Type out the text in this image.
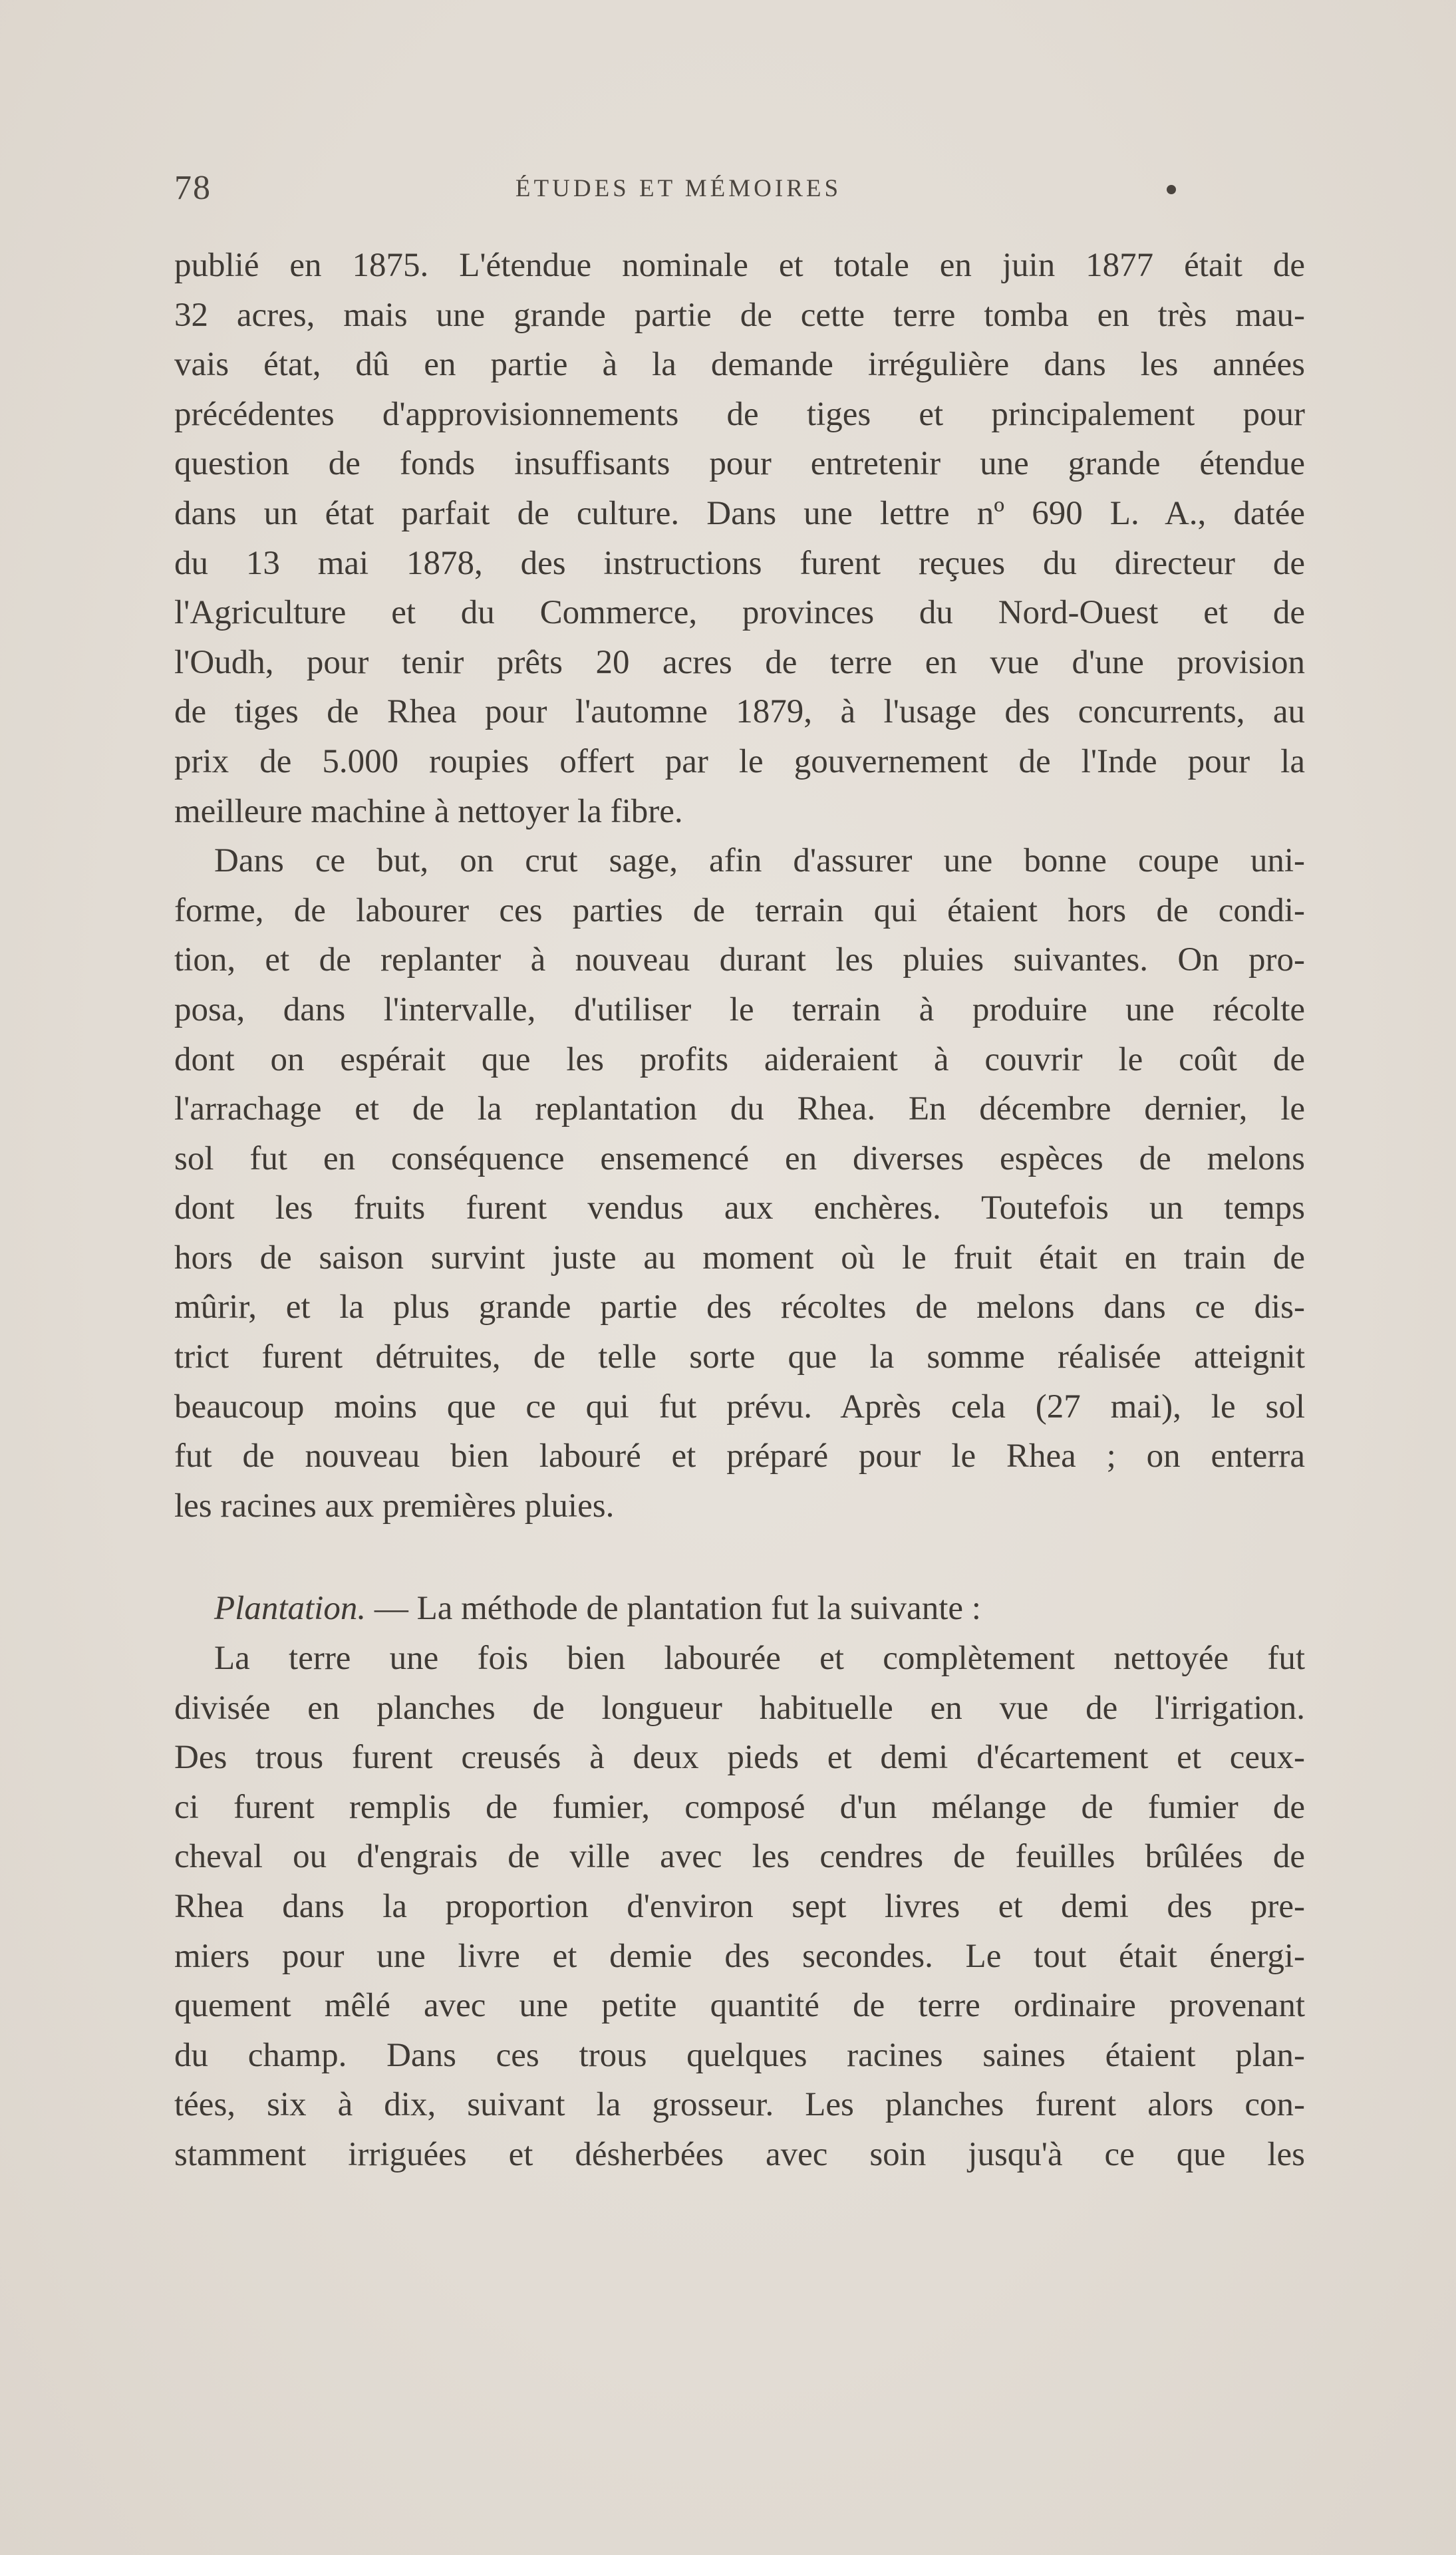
78	ÉTUDES ET MÉMOIRES
publié en 1875. L'étendue nominale et totale en juin 1877 était de
32 acres, mais une grande partie de cette terre tomba en très mau-
vais état, dû en partie à la demande irrégulière dans les années
précédentes d'approvisionnements de tiges et principalement pour
question de fonds insuffisants pour entretenir une grande étendue
dans un état parfait de culture. Dans une lettre nº 690 L. A., datée
du 13 mai 1878, des instructions furent reçues du directeur de
l'Agriculture et du Commerce, provinces du Nord-Ouest et de
l'Oudh, pour tenir prêts 20 acres de terre en vue d'une provision
de tiges de Rhea pour l'automne 1879, à l'usage des concurrents, au
prix de 5.000 roupies offert par le gouvernement de l'Inde pour la
meilleure machine à nettoyer la fibre.
Dans ce but, on crut sage, afin d'assurer une bonne coupe uni-
forme, de labourer ces parties de terrain qui étaient hors de condi-
tion, et de replanter à nouveau durant les pluies suivantes. On pro-
posa, dans l'intervalle, d'utiliser le terrain à produire une récolte
dont on espérait que les profits aideraient à couvrir le coût de
l'arrachage et de la replantation du Rhea. En décembre dernier, le
sol fut en conséquence ensemencé en diverses espèces de melons
dont les fruits furent vendus aux enchères. Toutefois un temps
hors de saison survint juste au moment où le fruit était en train de
mûrir, et la plus grande partie des récoltes de melons dans ce dis-
trict furent détruites, de telle sorte que la somme réalisée atteignit
beaucoup moins que ce qui fut prévu. Après cela (27 mai), le sol
fut de nouveau bien labouré et préparé pour le Rhea ; on enterra
les racines aux premières pluies.
Plantation. — La méthode de plantation fut la suivante :
La terre une fois bien labourée et complètement nettoyée fut
divisée en planches de longueur habituelle en vue de l'irrigation.
Des trous furent creusés à deux pieds et demi d'écartement et ceux-
ci furent remplis de fumier, composé d'un mélange de fumier de
cheval ou d'engrais de ville avec les cendres de feuilles brûlées de
Rhea dans la proportion d'environ sept livres et demi des pre-
miers pour une livre et demie des secondes. Le tout était énergi-
quement mêlé avec une petite quantité de terre ordinaire provenant
du champ. Dans ces trous quelques racines saines étaient plan-
tées, six à dix, suivant la grosseur. Les planches furent alors con-
stamment irriguées et désherbées avec soin jusqu'à ce que les
